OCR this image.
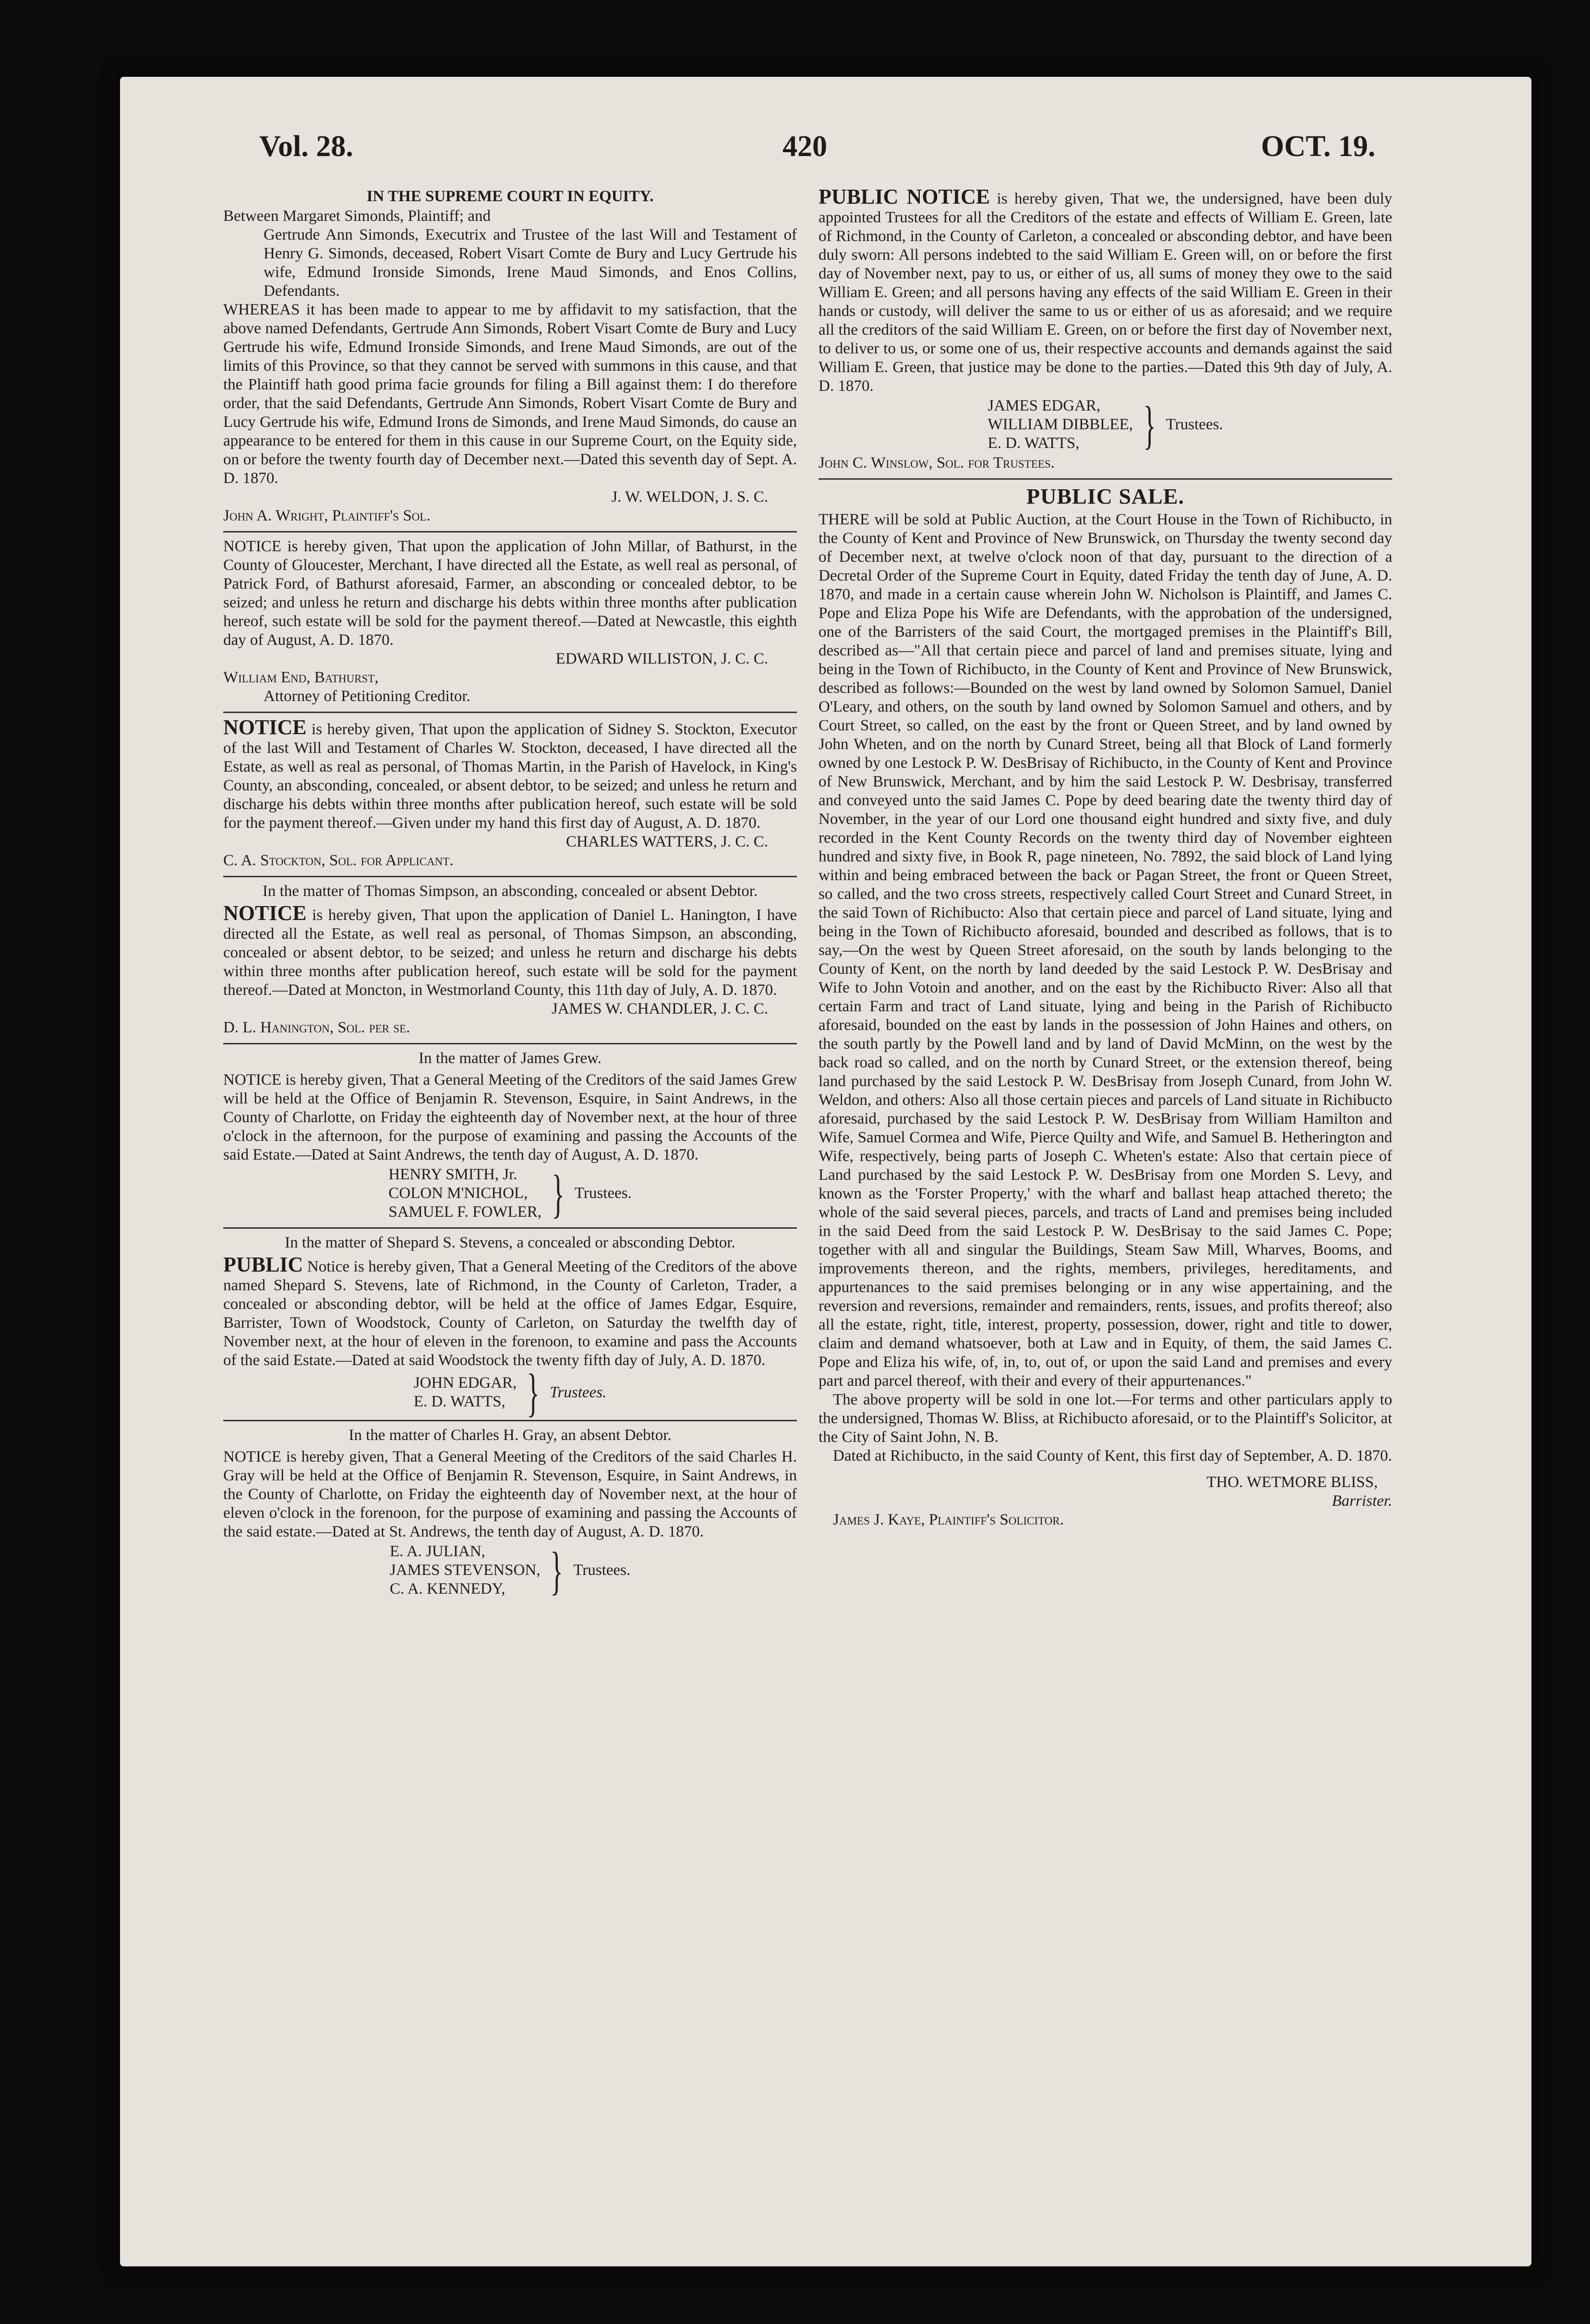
Vol. 28.	420	OCT. 19.

IN THE SUPREME COURT IN EQUITY.

Between Margaret Simonds, Plaintiff; and

Gertrude Ann Simonds, Executrix and Trustee of the last Will and Testament of Henry G. Simonds, deceased, Robert Visart Comte de Bury and Lucy Gertrude his wife, Edmund Ironside Simonds, Irene Maud Simonds, and Enos Collins, Defendants.

WHEREAS it has been made to appear to me by affidavit to my satisfaction, that the above named Defendants, Gertrude Ann Simonds, Robert Visart Comte de Bury and Lucy Gertrude his wife, Edmund Ironside Simonds, and Irene Maud Simonds, are out of the limits of this Province, so that they cannot be served with summons in this cause, and that the Plaintiff hath good prima facie grounds for filing a Bill against them: I do therefore order, that the said Defendants, Gertrude Ann Simonds, Robert Visart Comte de Bury and Lucy Gertrude his wife, Edmund Irons de Simonds, and Irene Maud Simonds, do cause an appearance to be entered for them in this cause in our Supreme Court, on the Equity side, on or before the twenty fourth day of December next.—Dated this seventh day of Sept. A. D. 1870.

J. W. WELDON, J. S. C.

John A. Wright, Plaintiff's Sol.

NOTICE is hereby given, That upon the application of John Millar, of Bathurst, in the County of Gloucester, Merchant, I have directed all the Estate, as well real as personal, of Patrick Ford, of Bathurst aforesaid, Farmer, an absconding or concealed debtor, to be seized; and unless he return and discharge his debts within three months after publication hereof, such estate will be sold for the payment thereof.—Dated at Newcastle, this eighth day of August, A. D. 1870.

EDWARD WILLISTON, J. C. C.

William End, Bathurst,

Attorney of Petitioning Creditor.

NOTICE is hereby given, That upon the application of Sidney S. Stockton, Executor of the last Will and Testament of Charles W. Stockton, deceased, I have directed all the Estate, as well as real as personal, of Thomas Martin, in the Parish of Havelock, in King's County, an absconding, concealed, or absent debtor, to be seized; and unless he return and discharge his debts within three months after publication hereof, such estate will be sold for the payment thereof.—Given under my hand this first day of August, A. D. 1870.

CHARLES WATTERS, J. C. C.

C. A. Stockton, Sol. for Applicant.

In the matter of Thomas Simpson, an absconding, concealed or absent Debtor.

NOTICE is hereby given, That upon the application of Daniel L. Hanington, I have directed all the Estate, as well real as personal, of Thomas Simpson, an absconding, concealed or absent debtor, to be seized; and unless he return and discharge his debts within three months after publication hereof, such estate will be sold for the payment thereof.—Dated at Moncton, in Westmorland County, this 11th day of July, A. D. 1870.

JAMES W. CHANDLER, J. C. C.

D. L. Hanington, Sol. per se.

In the matter of James Grew.

NOTICE is hereby given, That a General Meeting of the Creditors of the said James Grew will be held at the Office of Benjamin R. Stevenson, Esquire, in Saint Andrews, in the County of Charlotte, on Friday the eighteenth day of November next, at the hour of three o'clock in the afternoon, for the purpose of examining and passing the Accounts of the said Estate.—Dated at Saint Andrews, the tenth day of August, A. D. 1870.

HENRY SMITH, Jr.
COLON M'NICHOL,
SAMUEL F. FOWLER, } Trustees.

In the matter of Shepard S. Stevens, a concealed or absconding Debtor.

PUBLIC Notice is hereby given, That a General Meeting of the Creditors of the above named Shepard S. Stevens, late of Richmond, in the County of Carleton, Trader, a concealed or absconding debtor, will be held at the office of James Edgar, Esquire, Barrister, Town of Woodstock, County of Carleton, on Saturday the twelfth day of November next, at the hour of eleven in the forenoon, to examine and pass the Accounts of the said Estate.—Dated at said Woodstock the twenty fifth day of July, A. D. 1870.

JOHN EDGAR,
E. D. WATTS, } Trustees.

In the matter of Charles H. Gray, an absent Debtor.

NOTICE is hereby given, That a General Meeting of the Creditors of the said Charles H. Gray will be held at the Office of Benjamin R. Stevenson, Esquire, in Saint Andrews, in the County of Charlotte, on Friday the eighteenth day of November next, at the hour of eleven o'clock in the forenoon, for the purpose of examining and passing the Accounts of the said estate.—Dated at St. Andrews, the tenth day of August, A. D. 1870.

E. A. JULIAN,
JAMES STEVENSON,
C. A. KENNEDY, } Trustees.

PUBLIC NOTICE is hereby given, That we, the undersigned, have been duly appointed Trustees for all the Creditors of the estate and effects of William E. Green, late of Richmond, in the County of Carleton, a concealed or absconding debtor, and have been duly sworn: All persons indebted to the said William E. Green will, on or before the first day of November next, pay to us, or either of us, all sums of money they owe to the said William E. Green; and all persons having any effects of the said William E. Green in their hands or custody, will deliver the same to us or either of us as aforesaid; and we require all the creditors of the said William E. Green, on or before the first day of November next, to deliver to us, or some one of us, their respective accounts and demands against the said William E. Green, that justice may be done to the parties.—Dated this 9th day of July, A. D. 1870.

JAMES EDGAR,
WILLIAM DIBBLEE,
E. D. WATTS,	} Trustees.

John C. Winslow, Sol. for Trustees.

PUBLIC SALE.

THERE will be sold at Public Auction, at the Court House in the Town of Richibucto, in the County of Kent and Province of New Brunswick, on Thursday the twenty second day of December next, at twelve o'clock noon of that day, pursuant to the direction of a Decretal Order of the Supreme Court in Equity, dated Friday the tenth day of June, A. D. 1870, and made in a certain cause wherein John W. Nicholson is Plaintiff, and James C. Pope and Eliza Pope his Wife are Defendants, with the approbation of the undersigned, one of the Barristers of the said Court, the mortgaged premises in the Plaintiff's Bill, described as—"All that certain piece and parcel of land and premises situate, lying and being in the Town of Richibucto, in the County of Kent and Province of New Brunswick, described as follows:—Bounded on the west by land owned by Solomon Samuel, Daniel O'Leary, and others, on the south by land owned by Solomon Samuel and others, and by Court Street, so called, on the east by the front or Queen Street, and by land owned by John Wheten, and on the north by Cunard Street, being all that Block of Land formerly owned by one Lestock P. W. DesBrisay of Richibucto, in the County of Kent and Province of New Brunswick, Merchant, and by him the said Lestock P. W. Desbrisay, transferred and conveyed unto the said James C. Pope by deed bearing date the twenty third day of November, in the year of our Lord one thousand eight hundred and sixty five, and duly recorded in the Kent County Records on the twenty third day of November eighteen hundred and sixty five, in Book R, page nineteen, No. 7892, the said block of Land lying within and being embraced between the back or Pagan Street, the front or Queen Street, so called, and the two cross streets, respectively called Court Street and Cunard Street, in the said Town of Richibucto: Also that certain piece and parcel of Land situate, lying and being in the Town of Richibucto aforesaid, bounded and described as follows, that is to say,—On the west by Queen Street aforesaid, on the south by lands belonging to the County of Kent, on the north by land deeded by the said Lestock P. W. DesBrisay and Wife to John Votoin and another, and on the east by the Richibucto River: Also all that certain Farm and tract of Land situate, lying and being in the Parish of Richibucto aforesaid, bounded on the east by lands in the possession of John Haines and others, on the south partly by the Powell land and by land of David McMinn, on the west by the back road so called, and on the north by Cunard Street, or the extension thereof, being land purchased by the said Lestock P. W. DesBrisay from Joseph Cunard, from John W. Weldon, and others: Also all those certain pieces and parcels of Land situate in Richibucto aforesaid, purchased by the said Lestock P. W. DesBrisay from William Hamilton and Wife, Samuel Cormea and Wife, Pierce Quilty and Wife, and Samuel B. Hetherington and Wife, respectively, being parts of Joseph C. Wheten's estate: Also that certain piece of Land purchased by the said Lestock P. W. DesBrisay from one Morden S. Levy, and known as the 'Forster Property,' with the wharf and ballast heap attached thereto; the whole of the said several pieces, parcels, and tracts of Land and premises being included in the said Deed from the said Lestock P. W. DesBrisay to the said James C. Pope; together with all and singular the Buildings, Steam Saw Mill, Wharves, Booms, and improvements thereon, and the rights, members, privileges, hereditaments, and appurtenances to the said premises belonging or in any wise appertaining, and the reversion and reversions, remainder and remainders, rents, issues, and profits thereof; also all the estate, right, title, interest, property, possession, dower, right and title to dower, claim and demand whatsoever, both at Law and in Equity, of them, the said James C. Pope and Eliza his wife, of, in, to, out of, or upon the said Land and premises and every part and parcel thereof, with their and every of their appurtenances."

The above property will be sold in one lot.—For terms and other particulars apply to the undersigned, Thomas W. Bliss, at Richibucto aforesaid, or to the Plaintiff's Solicitor, at the City of Saint John, N. B.

Dated at Richibucto, in the said County of Kent, this first day of September, A. D. 1870.

THO. WETMORE BLISS,

Barrister.

James J. Kaye, Plaintiff's Solicitor.
